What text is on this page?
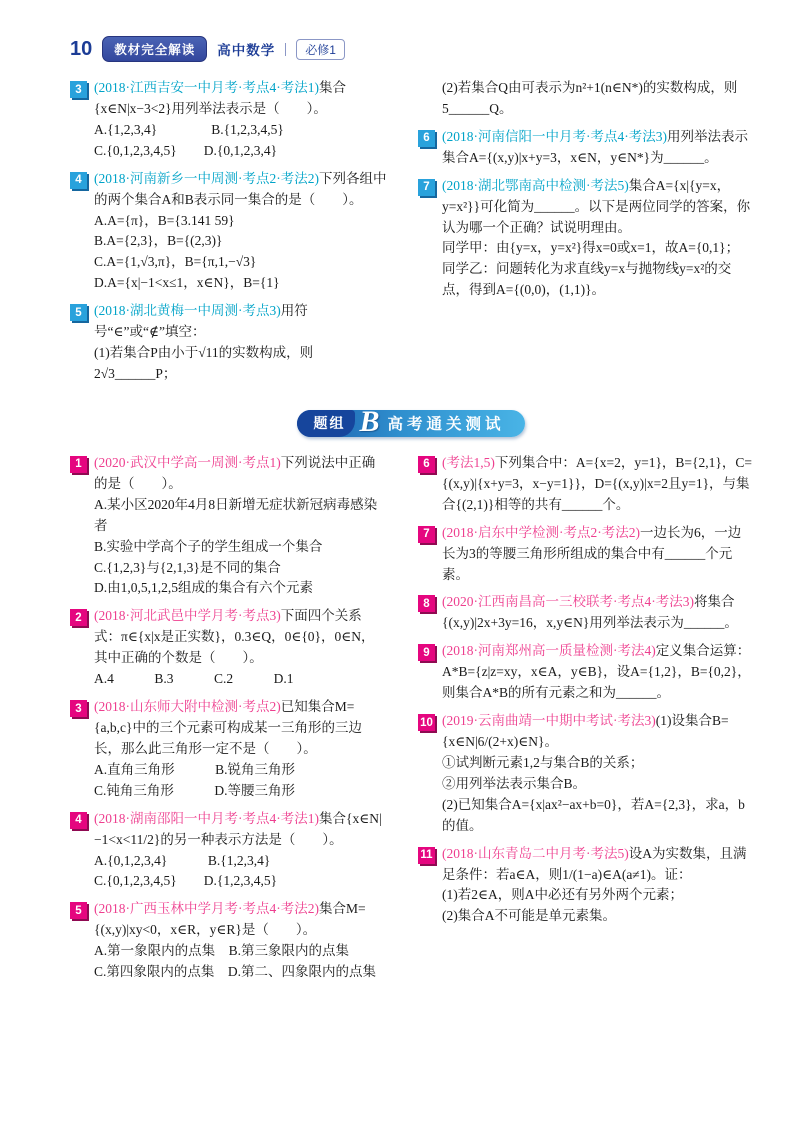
10	教材完全解读	高中数学	必修1
3 (2018·江西吉安一中月考·考点4·考法1)集合{x∈N|x−3<2}用列举法表示是（　　）。
A.{1,2,3,4}　　　　B.{1,2,3,4,5}
C.{0,1,2,3,4,5}　　D.{0,1,2,3,4}
4 (2018·河南新乡一中周测·考点2·考法2)下列各组中的两个集合A和B表示同一集合的是（　　）。
A.A={π}，B={3.141 59}
B.A={2,3}，B={(2,3)}
C.A={1,√3,π}，B={π,1,−√3}
D.A={x|−1<x≤1，x∈N}，B={1}
5 (2018·湖北黄梅一中周测·考点3)用符号“∈”或“∉”填空：
(1)若集合P由小于√11的实数构成，则2√3______P；
(2)若集合Q由可表示为n²+1(n∈N*)的实数构成，则5______Q。
6 (2018·河南信阳一中月考·考点4·考法3)用列举法表示集合A={(x,y)|x+y=3，x∈N，y∈N*}为______。
7 (2018·湖北鄂南高中检测·考法5)集合A={x|{y=x，y=x²}}可化简为______。以下是两位同学的答案，你认为哪一个正确？试说明理由。
同学甲：由{y=x，y=x²}得x=0或x=1，故A={0,1}；
同学乙：问题转化为求直线y=x与抛物线y=x²的交点，得到A={(0,0)，(1,1)}。
题组 B 高考通关测试
1 (2020·武汉中学高一周测·考点1)下列说法中正确的是（　　）。
A.某小区2020年4月8日新增无症状新冠病毒感染者
B.实验中学高个子的学生组成一个集合
C.{1,2,3}与{2,1,3}是不同的集合
D.由1,0,5,1,2,5组成的集合有六个元素
2 (2018·河北武邑中学月考·考点3)下面四个关系式：π∈{x|x是正实数}，0.3∈Q，0∈{0}，0∈N，其中正确的个数是（　　）。
A.4　　　B.3　　　C.2　　　D.1
3 (2018·山东师大附中检测·考点2)已知集合M={a,b,c}中的三个元素可构成某一三角形的三边长，那么此三角形一定不是（　　）。
A.直角三角形　　　B.锐角三角形
C.钝角三角形　　　D.等腰三角形
4 (2018·湖南邵阳一中月考·考点4·考法1)集合{x∈N|−1<x<11/2}的另一种表示方法是（　　）。
A.{0,1,2,3,4}　　　B.{1,2,3,4}
C.{0,1,2,3,4,5}　　D.{1,2,3,4,5}
5 (2018·广西玉林中学月考·考点4·考法2)集合M={(x,y)|xy<0，x∈R，y∈R}是（　　）。
A.第一象限内的点集　B.第三象限内的点集
C.第四象限内的点集　D.第二、四象限内的点集
6 (考法1,5)下列集合中：A={x=2，y=1}，B={2,1}，C={(x,y)|{x+y=3，x−y=1}}，D={(x,y)|x=2且y=1}，与集合{(2,1)}相等的共有______个。
7 (2018·启东中学检测·考点2·考法2)一边长为6，一边长为3的等腰三角形所组成的集合中有______个元素。
8 (2020·江西南昌高一三校联考·考点4·考法3)将集合{(x,y)|2x+3y=16，x,y∈N}用列举法表示为______。
9 (2018·河南郑州高一质量检测·考法4)定义集合运算：A*B={z|z=xy，x∈A，y∈B}，设A={1,2}，B={0,2}，则集合A*B的所有元素之和为______。
10 (2019·云南曲靖一中期中考试·考法3)(1)设集合B={x∈N|6/(2+x)∈N}。
①试判断元素1,2与集合B的关系；
②用列举法表示集合B。
(2)已知集合A={x|ax²−ax+b=0}，若A={2,3}，求a，b的值。
11 (2018·山东青岛二中月考·考法5)设A为实数集，且满足条件：若a∈A，则1/(1−a)∈A(a≠1)。证：
(1)若2∈A，则A中必还有另外两个元素；
(2)集合A不可能是单元素集。
